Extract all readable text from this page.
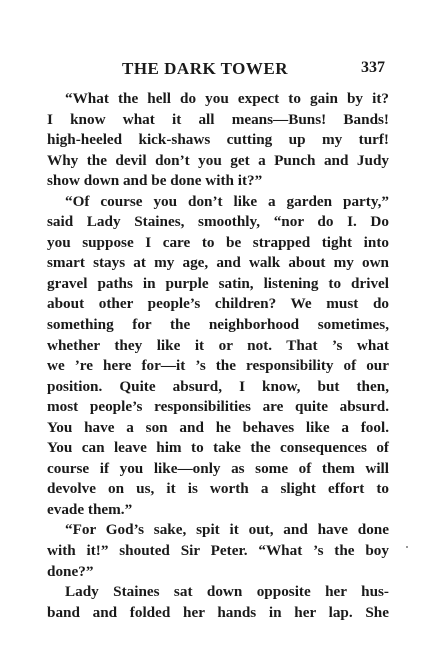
THE DARK TOWER	337
“What the hell do you expect to gain by it?
I know what it all means—Buns! Bands!
high-heeled kick-shaws cutting up my turf!
Why the devil don’t you get a Punch and Judy
show down and be done with it?”
“Of course you don’t like a garden party,”
said Lady Staines, smoothly, “nor do I. Do
you suppose I care to be strapped tight into
smart stays at my age, and walk about my own
gravel paths in purple satin, listening to drivel
about other people’s children? We must do
something for the neighborhood sometimes,
whether they like it or not. That ’s what
we ’re here for—it ’s the responsibility of our
position. Quite absurd, I know, but then,
most people’s responsibilities are quite absurd.
You have a son and he behaves like a fool.
You can leave him to take the consequences of
course if you like—only as some of them will
devolve on us, it is worth a slight effort to
evade them.”
“For God’s sake, spit it out, and have done
with it!” shouted Sir Peter. “What ’s the boy
done?”
Lady Staines sat down opposite her hus-
band and folded her hands in her lap. She
